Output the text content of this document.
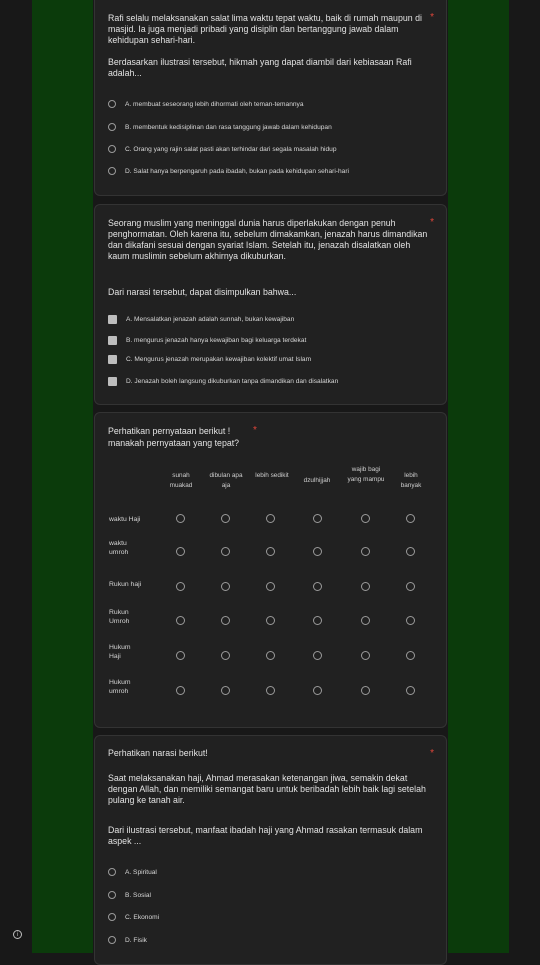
Rafi selalu melaksanakan salat lima waktu tepat waktu, baik di rumah maupun di masjid. Ia juga menjadi pribadi yang disiplin dan bertanggung jawab dalam kehidupan sehari-hari.
Berdasarkan ilustrasi tersebut, hikmah yang dapat diambil dari kebiasaan Rafi adalah...
*
A. membuat seseorang lebih dihormati oleh teman-temannya
B. membentuk kedisiplinan dan rasa tanggung jawab dalam kehidupan
C. Orang yang rajin salat pasti akan terhindar dari segala masalah hidup
D. Salat hanya berpengaruh pada ibadah, bukan pada kehidupan sehari-hari
Seorang muslim yang meninggal dunia harus diperlakukan dengan penuh penghormatan. Oleh karena itu, sebelum dimakamkan, jenazah harus dimandikan dan dikafani sesuai dengan syariat Islam. Setelah itu, jenazah disalatkan oleh kaum muslimin sebelum akhirnya dikuburkan.
Dari narasi tersebut, dapat disimpulkan bahwa...
*
A. Mensalatkan jenazah adalah sunnah, bukan kewajiban
B. mengurus jenazah hanya kewajiban bagi keluarga terdekat
C. Mengurus jenazah merupakan kewajiban kolektif umat Islam
D. Jenazah boleh langsung dikuburkan tanpa dimandikan dan disalatkan
Perhatikan pernyataan berikut ! *
manakah pernyataan yang tepat?
sunah muakad
dibulan apa aja
lebih sedikit
dzulhijjah
wajib bagi yang mampu
lebih banyak
waktu Haji
waktu umroh
Rukun haji
Rukun Umroh
Hukum Haji
Hukum umroh
Perhatikan narasi berikut!	*
Saat melaksanakan haji, Ahmad merasakan ketenangan jiwa, semakin dekat dengan Allah, dan memiliki semangat baru untuk beribadah lebih baik lagi setelah pulang ke tanah air.
Dari ilustrasi tersebut, manfaat ibadah haji yang Ahmad rasakan termasuk dalam aspek ...
A. Spiritual
B. Sosial
C. Ekonomi
D. Fisik
i
